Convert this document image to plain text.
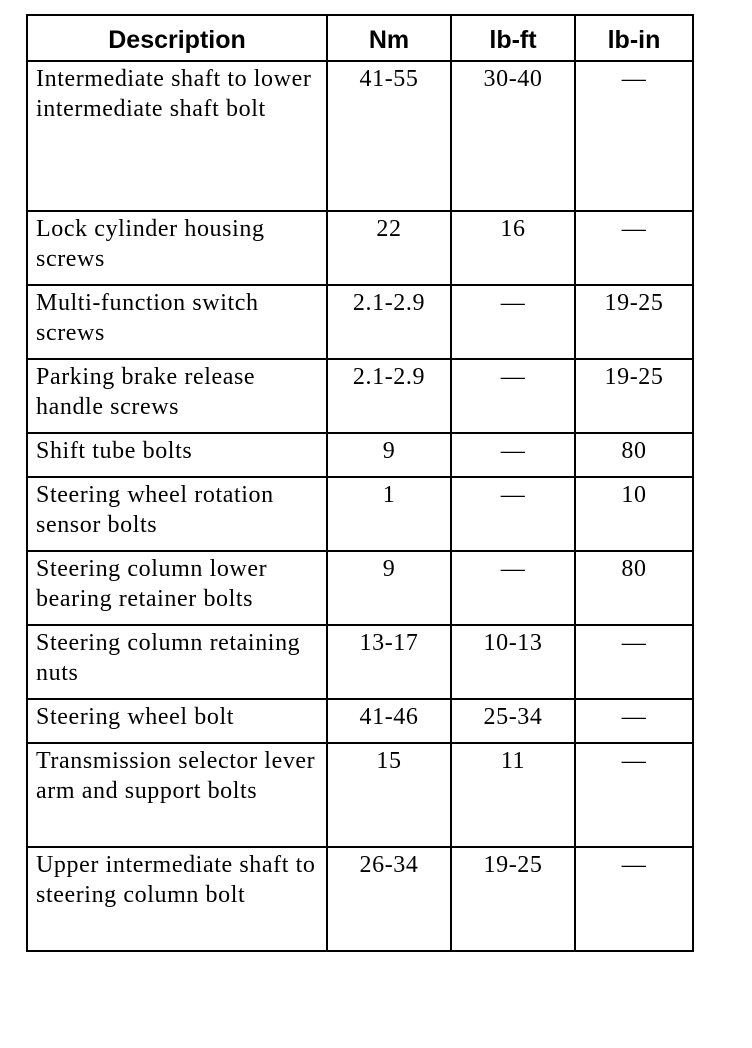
Description	Nm	lb-ft	lb-in
Intermediate shaft to lower intermediate shaft bolt	41-55	30-40	—
Lock cylinder housing screws	22	16	—
Multi-function switch screws	2.1-2.9	—	19-25
Parking brake release handle screws	2.1-2.9	—	19-25
Shift tube bolts	9	—	80
Steering wheel rotation sensor bolts	1	—	10
Steering column lower bearing retainer bolts	9	—	80
Steering column retaining nuts	13-17	10-13	—
Steering wheel bolt	41-46	25-34	—
Transmission selector lever arm and support bolts	15	11	—
Upper intermediate shaft to steering column bolt	26-34	19-25	—
